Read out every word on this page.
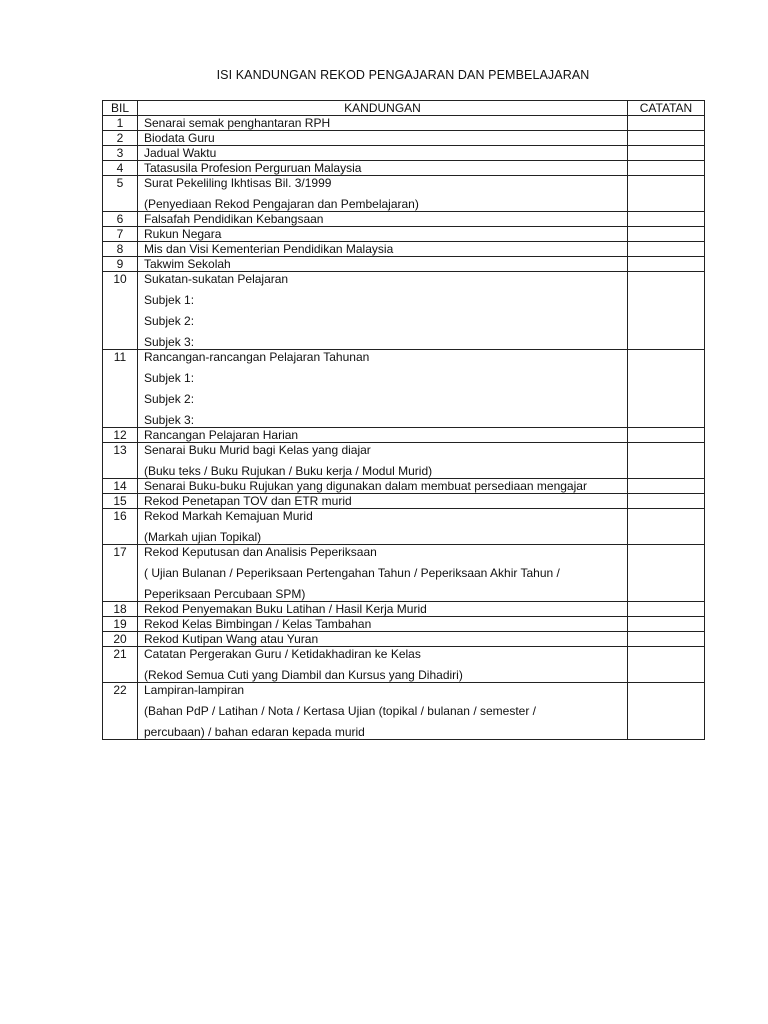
ISI KANDUNGAN REKOD PENGAJARAN DAN PEMBELAJARAN
BIL	KANDUNGAN	CATATAN
1	Senarai semak penghantaran RPH	

2	Biodata Guru	

3	Jadual Waktu	

4	Tatasusila Profesion Perguruan Malaysia	

5	Surat Pekeliling Ikhtisas Bil. 3/1999
(Penyediaan Rekod Pengajaran dan Pembelajaran)	

6	Falsafah Pendidikan Kebangsaan	

7	Rukun Negara	

8	Mis dan Visi Kementerian Pendidikan Malaysia	

9	Takwim Sekolah	

10	Sukatan-sukatan Pelajaran
Subjek 1:
Subjek 2:
Subjek 3:	

11	Rancangan-rancangan Pelajaran Tahunan
Subjek 1:
Subjek 2:
Subjek 3:	

12	Rancangan Pelajaran Harian	

13	Senarai Buku Murid bagi Kelas yang diajar
(Buku teks / Buku Rujukan / Buku kerja / Modul Murid)	

14	Senarai Buku-buku Rujukan yang digunakan dalam membuat persediaan mengajar	

15	Rekod Penetapan TOV dan ETR murid	

16	Rekod Markah Kemajuan Murid
(Markah ujian Topikal)	

17	Rekod Keputusan dan Analisis Peperiksaan
( Ujian Bulanan / Peperiksaan Pertengahan Tahun / Peperiksaan Akhir Tahun /
Peperiksaan Percubaan SPM)	

18	Rekod Penyemakan Buku Latihan / Hasil Kerja Murid	

19	Rekod Kelas Bimbingan / Kelas Tambahan	

20	Rekod Kutipan Wang atau Yuran	

21	Catatan Pergerakan Guru / Ketidakhadiran ke Kelas
(Rekod Semua Cuti yang Diambil dan Kursus yang Dihadiri)	

22	Lampiran-lampiran
(Bahan PdP / Latihan / Nota / Kertasa Ujian (topikal / bulanan / semester /
percubaan) / bahan edaran kepada murid	
